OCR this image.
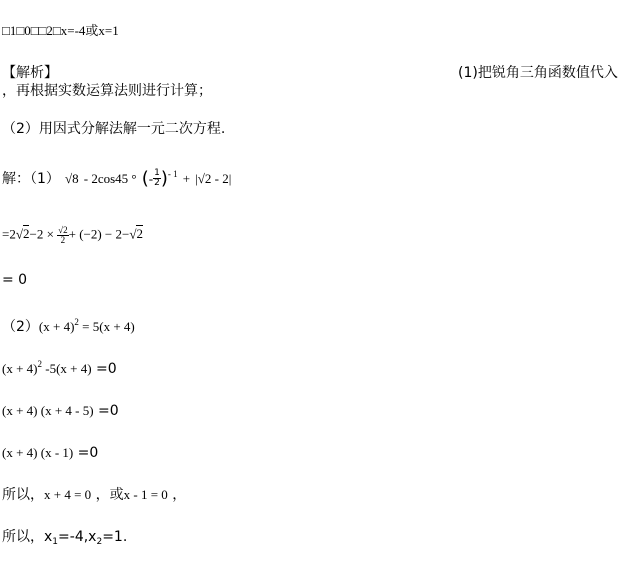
□1□0□□2□x=-4或x=1
【解析】	(1)把锐角三角函数值代入
，再根据实数运算法则进行计算；
（2）用因式分解法解一元二次方程.
解：（1） √8 - 2cos45 ° (- $\frac{1}{2} )^{- 1} + |√2 - 2|$
$=2√2-2 \times \frac{√2}{2} + (-2) - 2-√2$
= 0
$(2)(x + 4)^2 = 5(x + 4)$
$(x + 4)^2$ -5(x + 4) =0
(x + 4) (x + 4 - 5) =0
(x + 4) (x - 1) =0
所以，x + 4 = 0 ，或x - 1 = 0 ，
所以，$x_1=-4,x_2=1$.
